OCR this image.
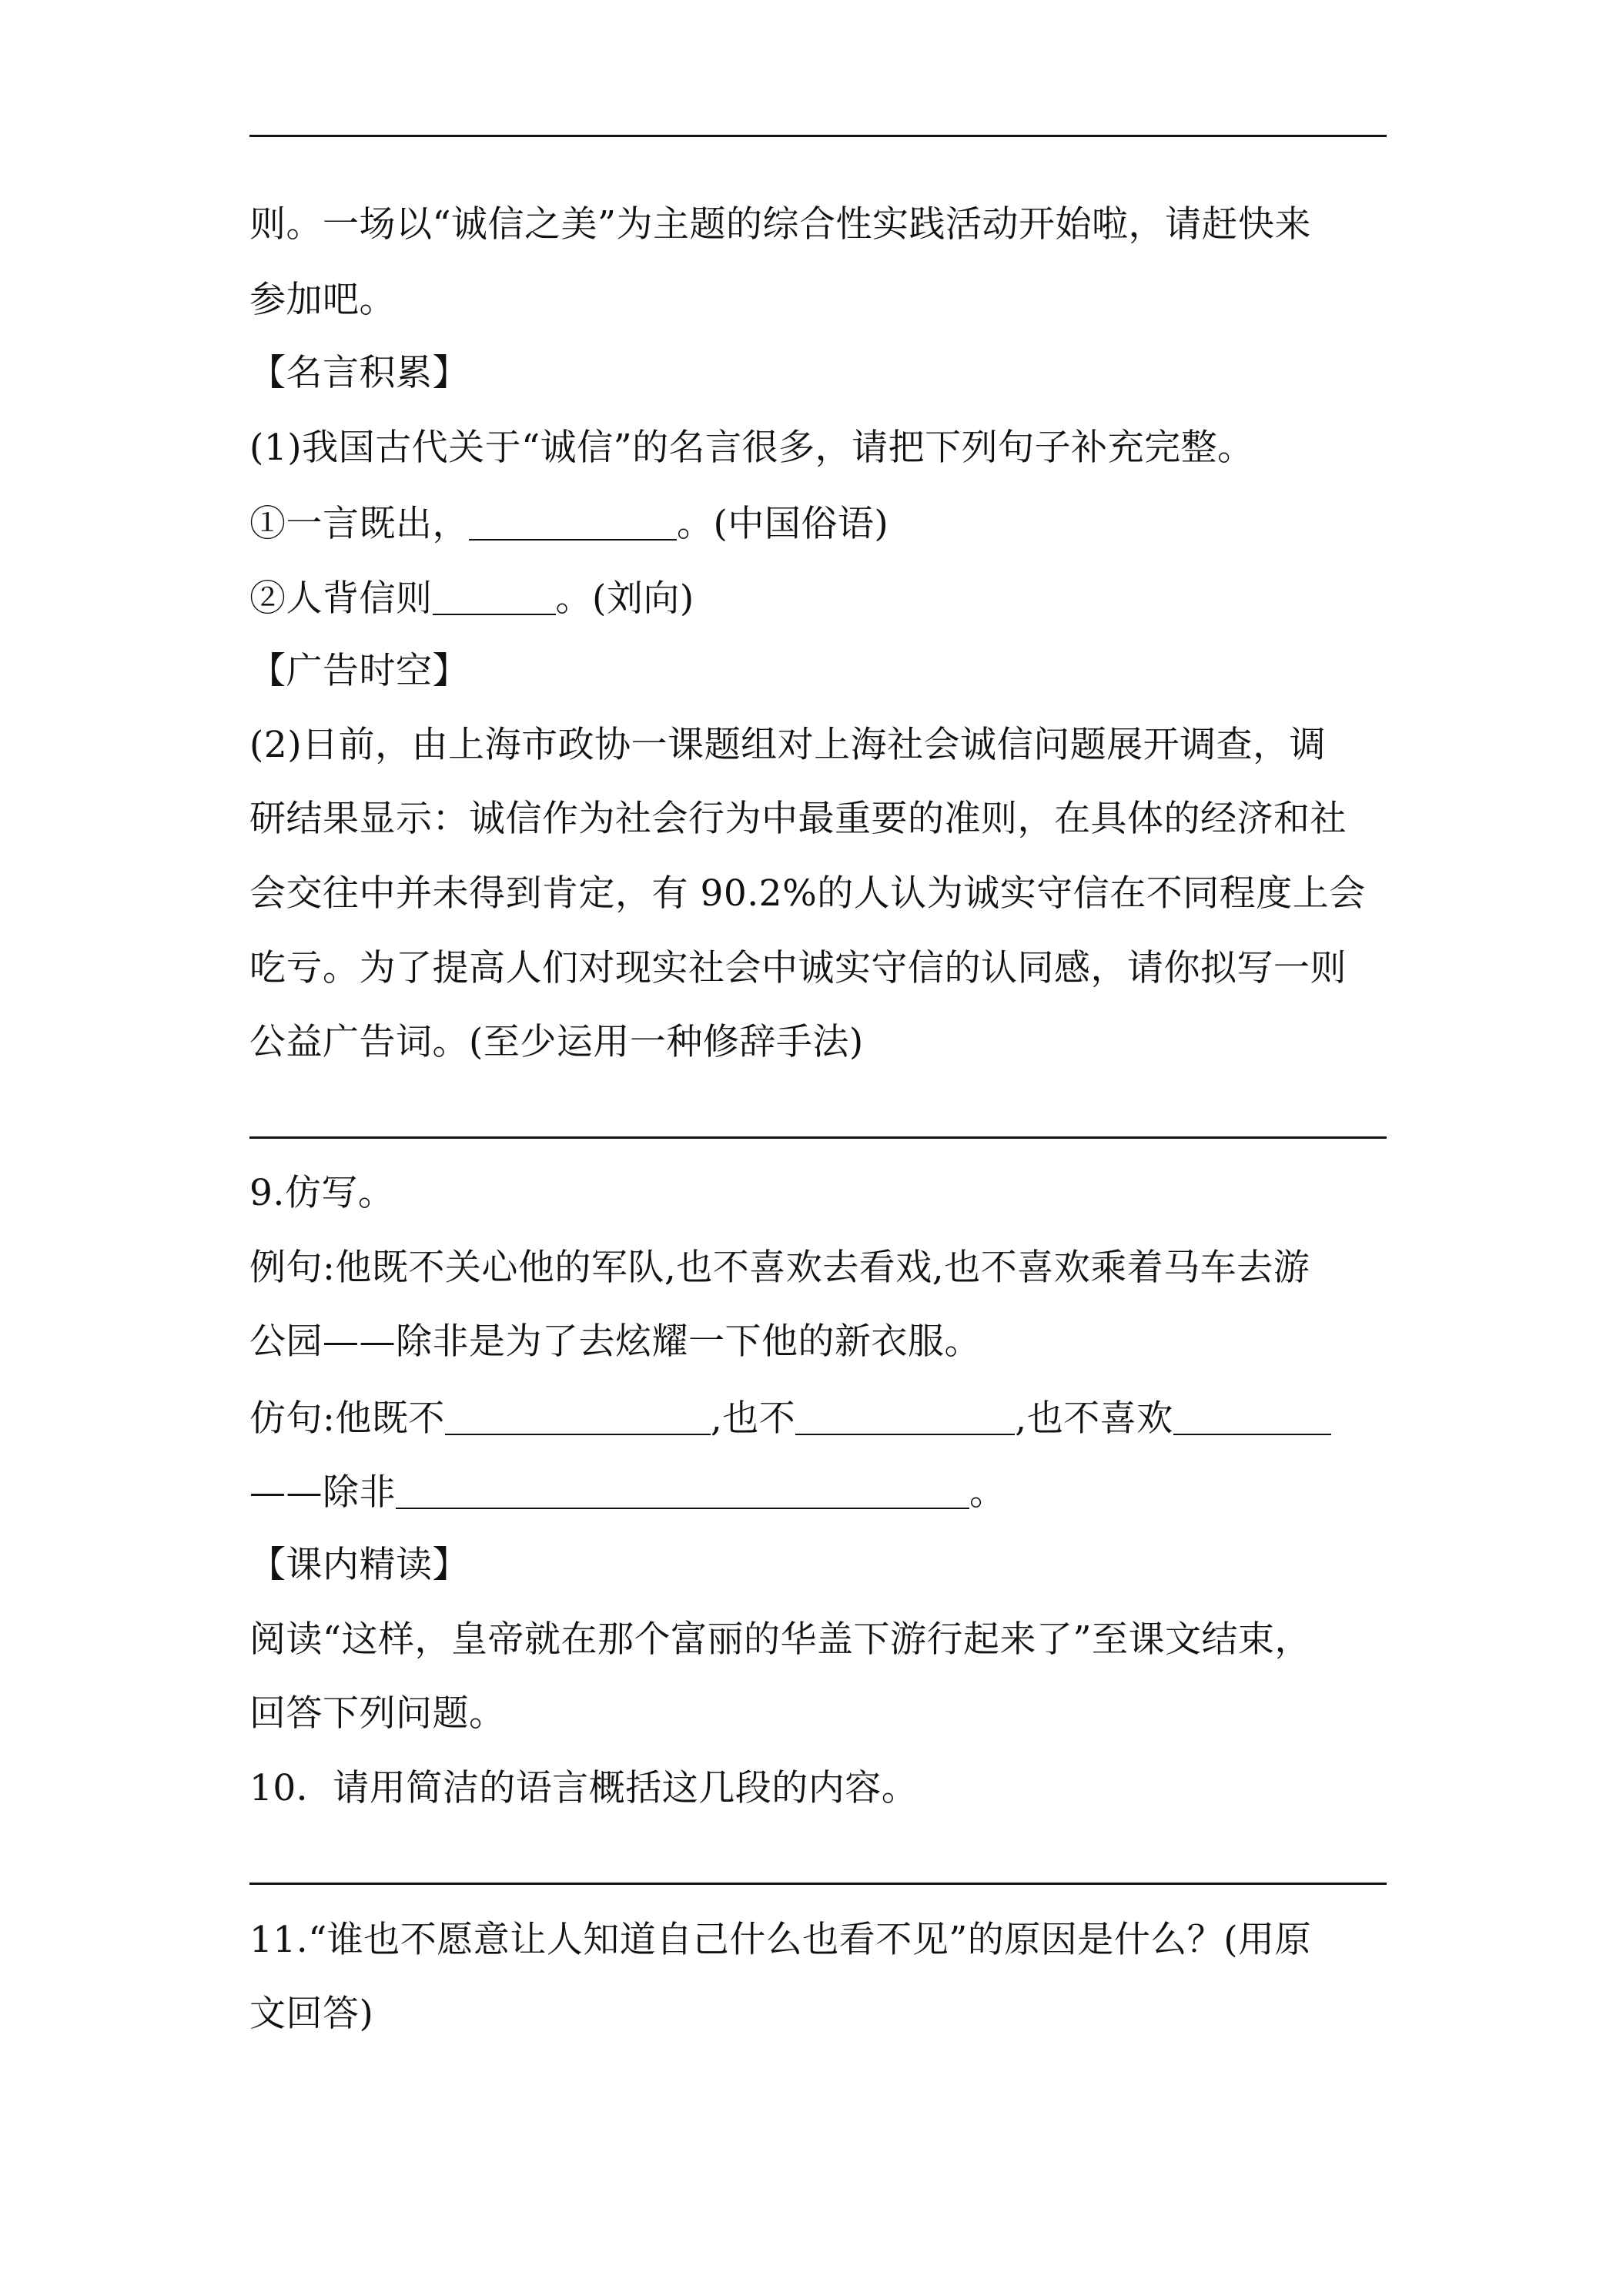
则。一场以“诚信之美”为主题的综合性实践活动开始啦，请赶快来
参加吧。
【名言积累】
(1)我国古代关于“诚信”的名言很多，请把下列句子补充完整。
①一言既出，	。(中国俗语)
②人背信则	。(刘向)
【广告时空】
(2)日前，由上海市政协一课题组对上海社会诚信问题展开调查，调
研结果显示：诚信作为社会行为中最重要的准则，在具体的经济和社
会交往中并未得到肯定，有 90.2%的人认为诚实守信在不同程度上会
吃亏。为了提高人们对现实社会中诚实守信的认同感，请你拟写一则
公益广告词。(至少运用一种修辞手法)
9.仿写。
例句:他既不关心他的军队,也不喜欢去看戏,也不喜欢乘着马车去游
公园——除非是为了去炫耀一下他的新衣服。
仿句:他既不	,也不	,也不喜欢
——除非	。
【课内精读】
阅读“这样，皇帝就在那个富丽的华盖下游行起来了”至课文结束，
回答下列问题。
10．请用简洁的语言概括这几段的内容。
11.“谁也不愿意让人知道自己什么也看不见”的原因是什么？(用原
文回答)
